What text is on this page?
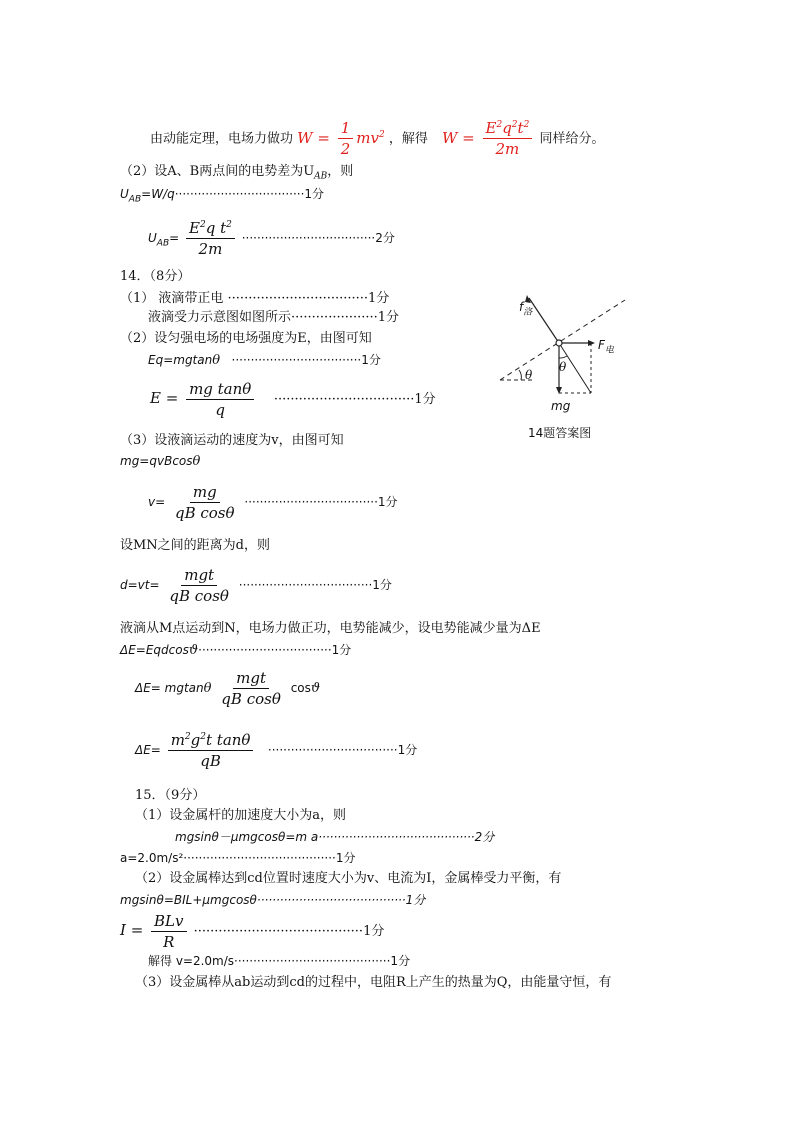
由动能定理，电场力做功 $W = \frac{1}{2} mv^2$ ，解得 $W = \frac{E^2q^2t^2}{2m}$ 同样给分。
（2）设A、B两点间的电势差为$U_{AB}$，则
$U_{AB}=W/q\cdot\cdot\cdot\cdot\cdot\cdot\cdot\cdot\cdot\cdot\cdot\cdot\cdot\cdot\cdot\cdot\cdot\cdot\cdot\cdot\cdot\cdot\cdot\cdot\cdot\cdot\cdot\cdot\cdot\cdot\cdot\cdot\cdot\cdot 1$分
$U_{AB}= \frac{E^2q t^2}{2m} \cdot\cdot\cdot\cdot\cdot\cdot\cdot\cdot\cdot\cdot\cdot\cdot\cdot\cdot\cdot\cdot\cdot\cdot\cdot\cdot\cdot\cdot\cdot\cdot\cdot\cdot\cdot\cdot\cdot\cdot\cdot\cdot\cdot\cdot\cdot 2$分
14．（8分）
（1） 液滴带正电 ··································1分
液滴受力示意图如图所示·····················1分
（2）设匀强电场的电场强度为E，由图可知
Eq=mgtanθ ··································1分
$E = \frac{\text{mg tanθ}}{q} \cdot\cdot\cdot\cdot\cdot\cdot\cdot\cdot\cdot\cdot\cdot\cdot\cdot\cdot\cdot\cdot\cdot\cdot\cdot\cdot\cdot\cdot\cdot\cdot\cdot\cdot\cdot\cdot\cdot\cdot\cdot\cdot\cdot\cdot 1$分
（3）设液滴运动的速度为v，由图可知
mg=qvBcosθ
$v= \frac{mg}{\text{qB cosθ}} \cdot\cdot\cdot\cdot\cdot\cdot\cdot\cdot\cdot\cdot\cdot\cdot\cdot\cdot\cdot\cdot\cdot\cdot\cdot\cdot\cdot\cdot\cdot\cdot\cdot\cdot\cdot\cdot\cdot\cdot\cdot\cdot\cdot\cdot\cdot 1$分
设MN之间的距离为d，则
$d=vt= \frac{\text{mgt}}{\text{qB cosθ}} \cdot\cdot\cdot\cdot\cdot\cdot\cdot\cdot\cdot\cdot\cdot\cdot\cdot\cdot\cdot\cdot\cdot\cdot\cdot\cdot\cdot\cdot\cdot\cdot\cdot\cdot\cdot\cdot\cdot\cdot\cdot\cdot\cdot\cdot\cdot 1$分
液滴从M点运动到N，电场力做正功，电势能减少，设电势能减少量为ΔE
ΔE=Eqdcosϑ···································1分
ΔE= mgtanθ $\frac{\text{mgt}}{\text{qB cosθ}}$ cosϑ
$\Delta E= \frac{m^2g^2t \tan\theta}{qB} \cdot\cdot\cdot\cdot\cdot\cdot\cdot\cdot\cdot\cdot\cdot\cdot\cdot\cdot\cdot\cdot\cdot\cdot\cdot\cdot\cdot\cdot\cdot\cdot\cdot\cdot\cdot\cdot\cdot\cdot\cdot\cdot\cdot\cdot 1$分
$f_洛$
$F_电$
mg
θ
θ
14题答案图
15．（9分）
（1）设金属杆的加速度大小为a，则
mgsinθ－μmgcosθ=m a·········································2分
a=2.0m/s²········································1分
（2）设金属棒达到cd位置时速度大小为v、电流为I，金属棒受力平衡，有
mgsinθ=BIL+μmgcosθ·······································1分
$I = \frac{\text{BLv}}{R} \cdot\cdot\cdot\cdot\cdot\cdot\cdot\cdot\cdot\cdot\cdot\cdot\cdot\cdot\cdot\cdot\cdot\cdot\cdot\cdot\cdot\cdot\cdot\cdot\cdot\cdot\cdot\cdot\cdot\cdot\cdot\cdot\cdot\cdot\cdot\cdot\cdot\cdot\cdot\cdot\cdot 1$分
解得 v=2.0m/s·········································1分
（3）设金属棒从ab运动到cd的过程中，电阻R上产生的热量为Q，由能量守恒，有
